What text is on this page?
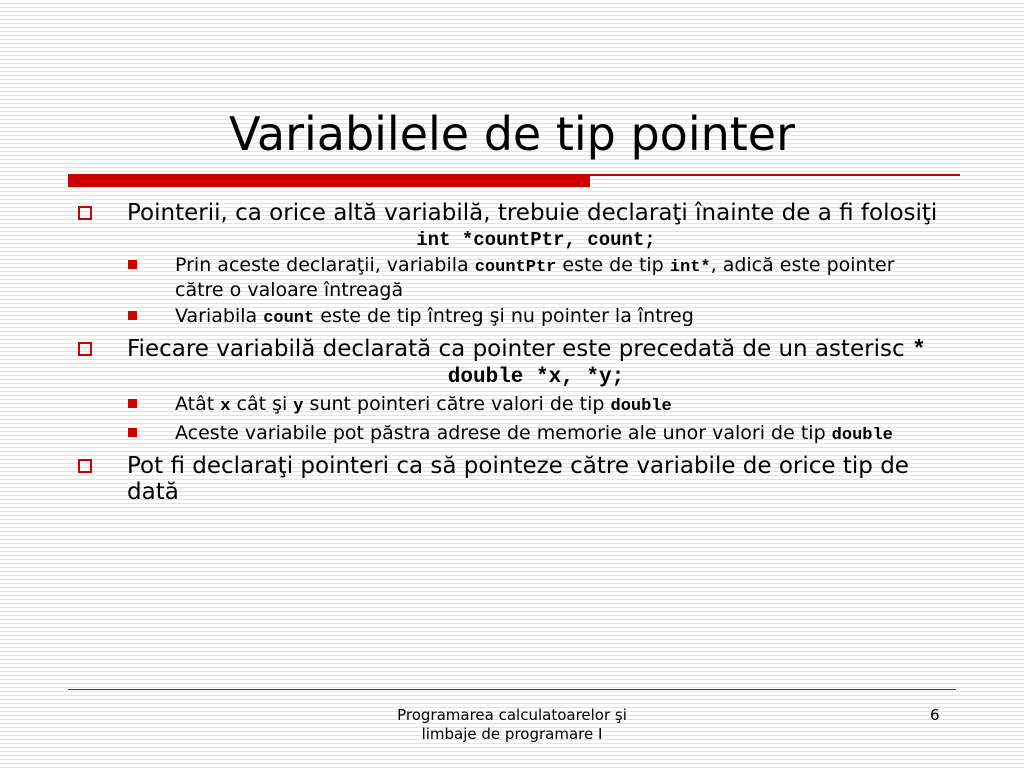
Variabilele de tip pointer
Pointerii, ca orice altă variabilă, trebuie declaraţi înainte de a fi folosiţi
int *countPtr, count;
Prin aceste declaraţii, variabila countPtr este de tip int*, adică este pointer către o valoare întreagă
Variabila count este de tip întreg şi nu pointer la întreg
Fiecare variabilă declarată ca pointer este precedată de un asterisc *
double *x, *y;
Atât x cât şi y sunt pointeri către valori de tip double
Aceste variabile pot păstra adrese de memorie ale unor valori de tip double
Pot fi declaraţi pointeri ca să pointeze către variabile de orice tip de dată
Programarea calculatoarelor şi
limbaje de programare I
6
